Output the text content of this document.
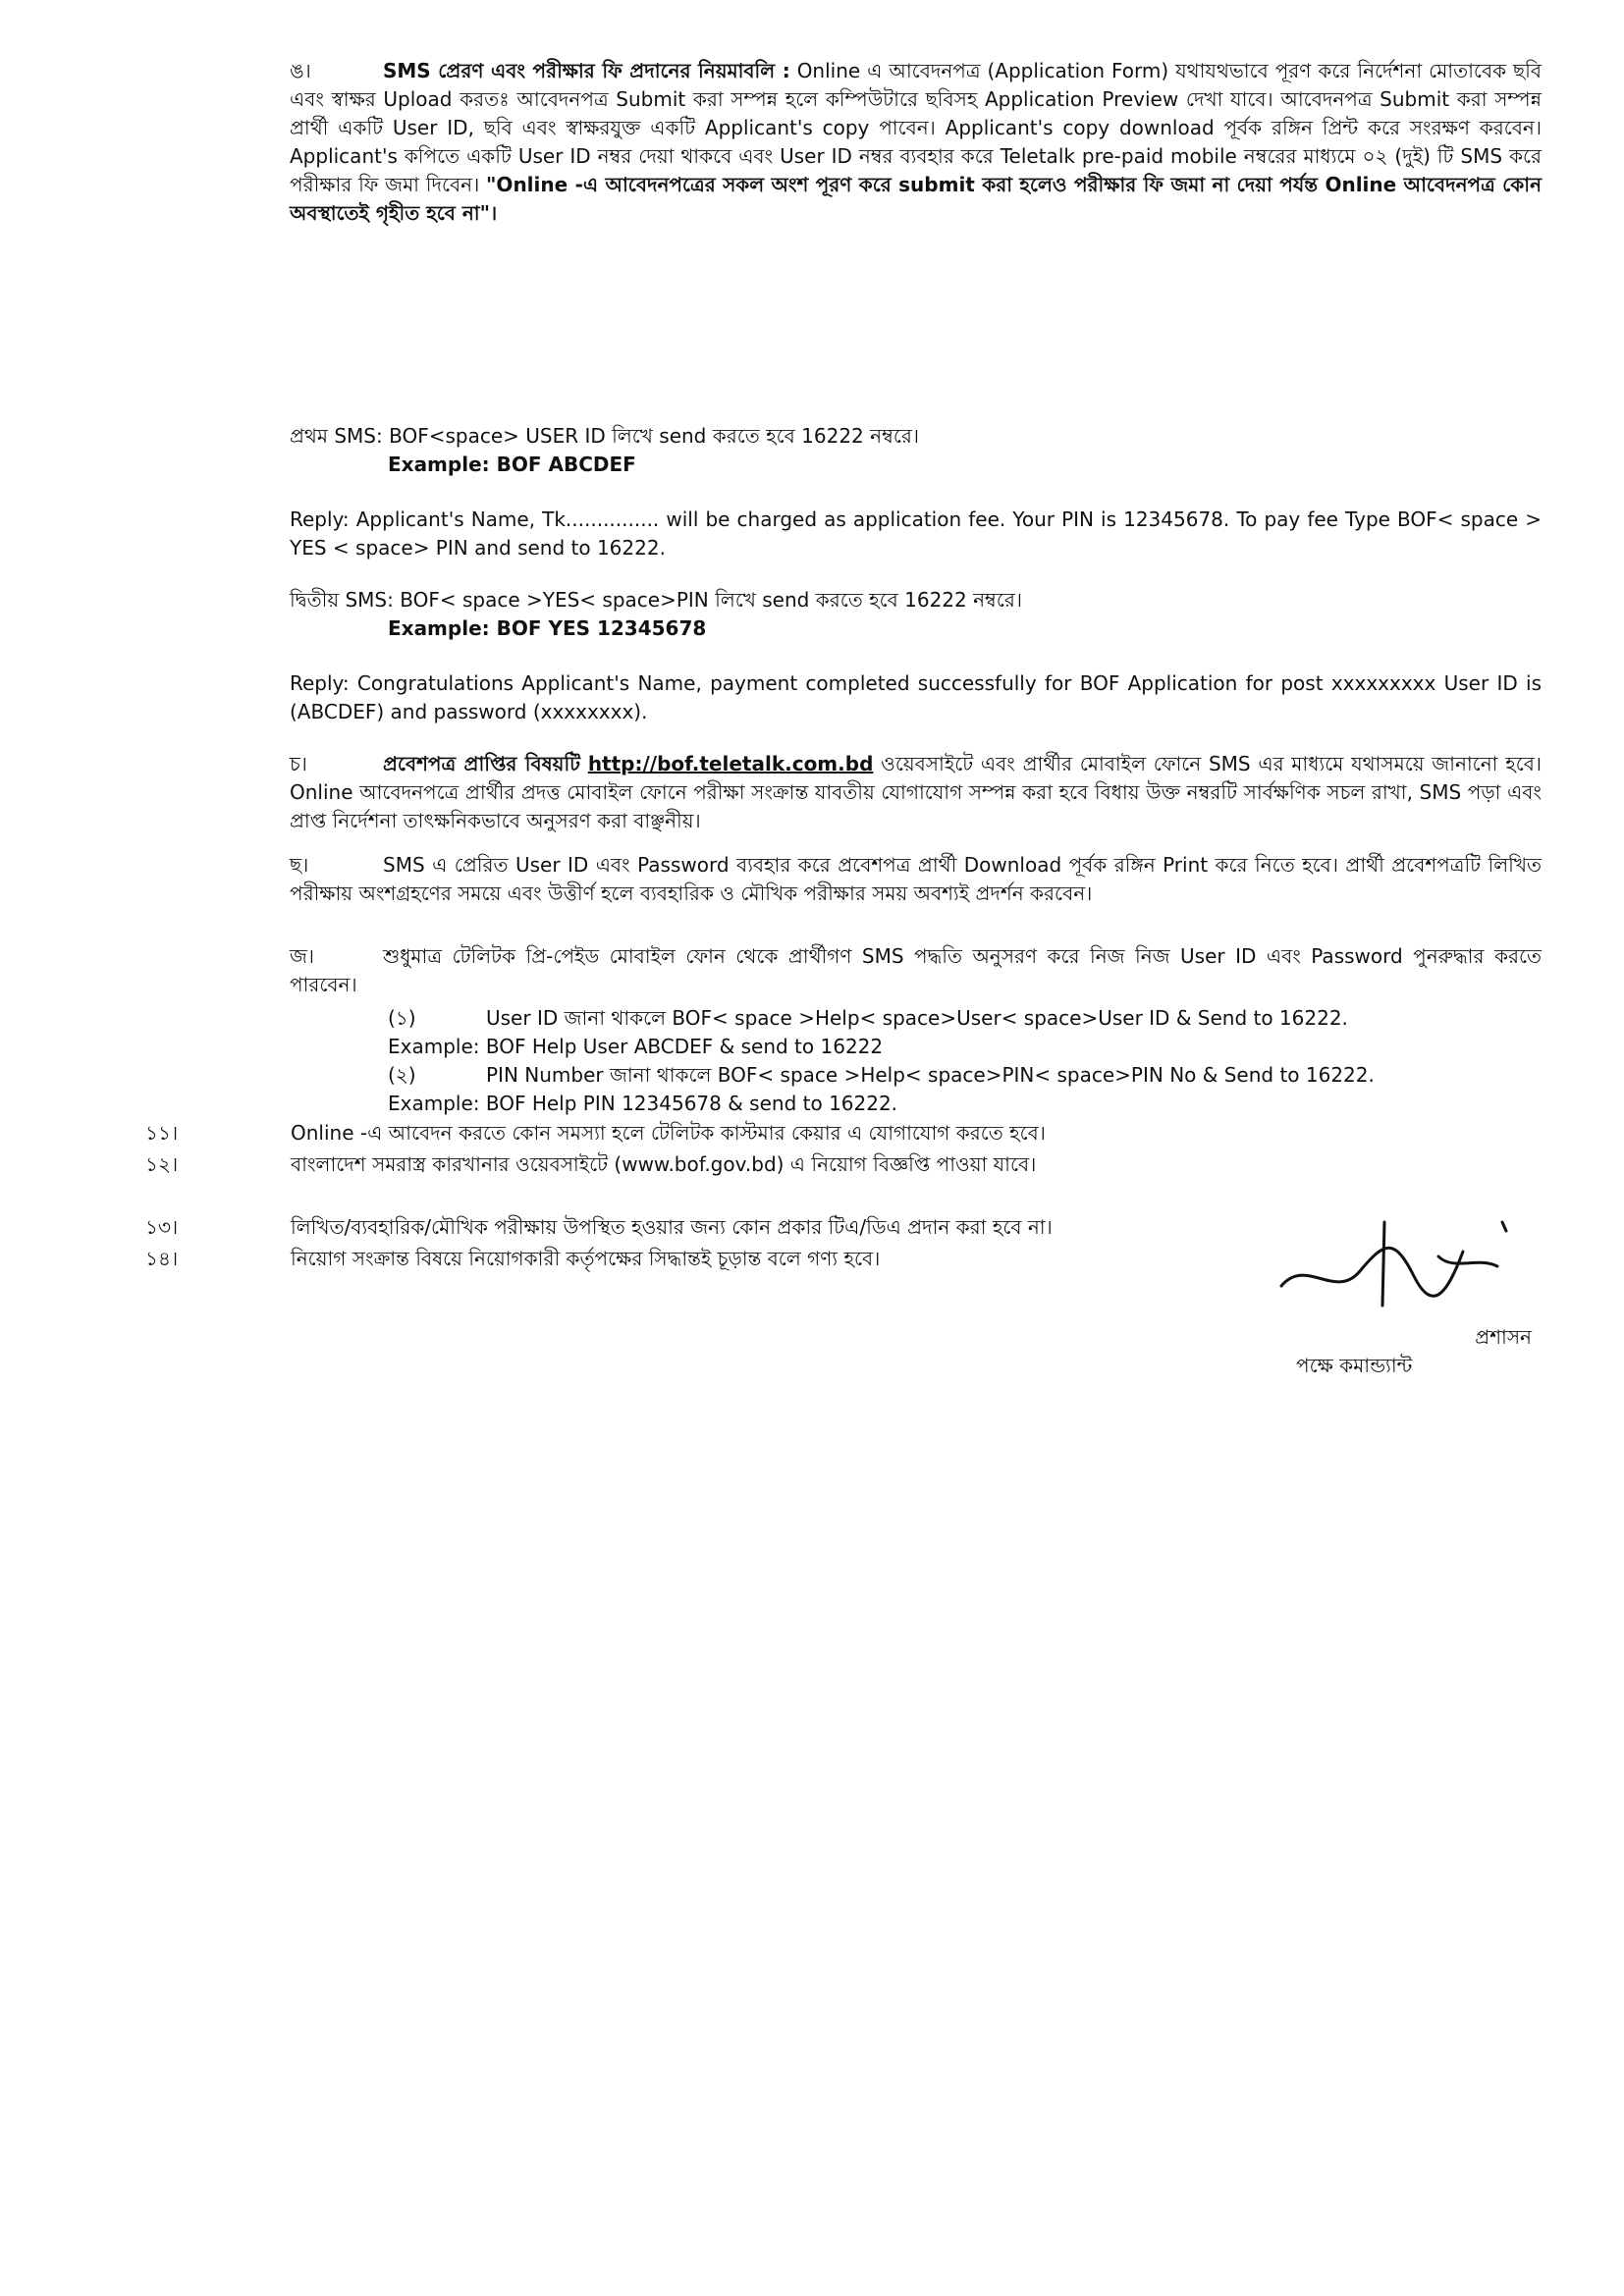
ঙ।	SMS প্রেরণ এবং পরীক্ষার ফি প্রদানের নিয়মাবলি : Online এ আবেদনপত্র (Application Form) যথাযথভাবে পূরণ করে নির্দেশনা মোতাবেক ছবি এবং স্বাক্ষর Upload করতঃ আবেদনপত্র Submit করা সম্পন্ন হলে কম্পিউটারে ছবিসহ Application Preview দেখা যাবে। আবেদনপত্র Submit করা সম্পন্ন প্রার্থী একটি User ID, ছবি এবং স্বাক্ষরযুক্ত একটি Applicant's copy পাবেন। Applicant's copy download পূর্বক রঙ্গিন প্রিন্ট করে সংরক্ষণ করবেন। Applicant's কপিতে একটি User ID নম্বর দেয়া থাকবে এবং User ID নম্বর ব্যবহার করে Teletalk pre-paid mobile নম্বরের মাধ্যমে ০২ (দুই) টি SMS করে পরীক্ষার ফি জমা দিবেন। "Online -এ আবেদনপত্রের সকল অংশ পূরণ করে submit করা হলেও পরীক্ষার ফি জমা না দেয়া পর্যন্ত Online আবেদনপত্র কোন অবস্থাতেই গৃহীত হবে না"।
প্রথম SMS: BOF<space> USER ID লিখে send করতে হবে 16222 নম্বরে।
Example: BOF ABCDEF
Reply: Applicant's Name, Tk............... will be charged as application fee. Your PIN is 12345678. To pay fee Type BOF< space > YES < space> PIN and send to 16222.
দ্বিতীয় SMS: BOF< space >YES< space>PIN লিখে send করতে হবে 16222 নম্বরে।
Example: BOF YES 12345678
Reply: Congratulations Applicant's Name, payment completed successfully for BOF Application for post xxxxxxxxx User ID is (ABCDEF) and password (xxxxxxxx).
চ।	প্রবেশপত্র প্রাপ্তির বিষয়টি http://bof.teletalk.com.bd ওয়েবসাইটে এবং প্রার্থীর মোবাইল ফোনে SMS এর মাধ্যমে যথাসময়ে জানানো হবে। Online আবেদনপত্রে প্রার্থীর প্রদত্ত মোবাইল ফোনে পরীক্ষা সংক্রান্ত যাবতীয় যোগাযোগ সম্পন্ন করা হবে বিধায় উক্ত নম্বরটি সার্বক্ষণিক সচল রাখা, SMS পড়া এবং প্রাপ্ত নির্দেশনা তাৎক্ষনিকভাবে অনুসরণ করা বাঞ্ছনীয়।
ছ।	SMS এ প্রেরিত User ID এবং Password ব্যবহার করে প্রবেশপত্র প্রার্থী Download পূর্বক রঙ্গিন Print করে নিতে হবে। প্রার্থী প্রবেশপত্রটি লিখিত পরীক্ষায় অংশগ্রহণের সময়ে এবং উত্তীর্ণ হলে ব্যবহারিক ও মৌখিক পরীক্ষার সময় অবশ্যই প্রদর্শন করবেন।
জ।	শুধুমাত্র টেলিটক প্রি-পেইড মোবাইল ফোন থেকে প্রার্থীগণ SMS পদ্ধতি অনুসরণ করে নিজ নিজ User ID এবং Password পুনরুদ্ধার করতে পারবেন।
(১)	User ID জানা থাকলে BOF< space >Help< space>User< space>User ID & Send to 16222.
Example: BOF Help User ABCDEF & send to 16222
(২)	PIN Number জানা থাকলে BOF< space >Help< space>PIN< space>PIN No & Send to 16222.
Example: BOF Help PIN 12345678 & send to 16222.
১১।	Online -এ আবেদন করতে কোন সমস্যা হলে টেলিটক কাস্টমার কেয়ার এ যোগাযোগ করতে হবে।
১২।	বাংলাদেশ সমরাস্ত্র কারখানার ওয়েবসাইটে (www.bof.gov.bd) এ নিয়োগ বিজ্ঞপ্তি পাওয়া যাবে।
১৩।	লিখিত/ব্যবহারিক/মৌখিক পরীক্ষায় উপস্থিত হওয়ার জন্য কোন প্রকার টিএ/ডিএ প্রদান করা হবে না।
১৪।	নিয়োগ সংক্রান্ত বিষয়ে নিয়োগকারী কর্তৃপক্ষের সিদ্ধান্তই চূড়ান্ত বলে গণ্য হবে।
প্রশাসন
পক্ষে কমান্ড্যান্ট
